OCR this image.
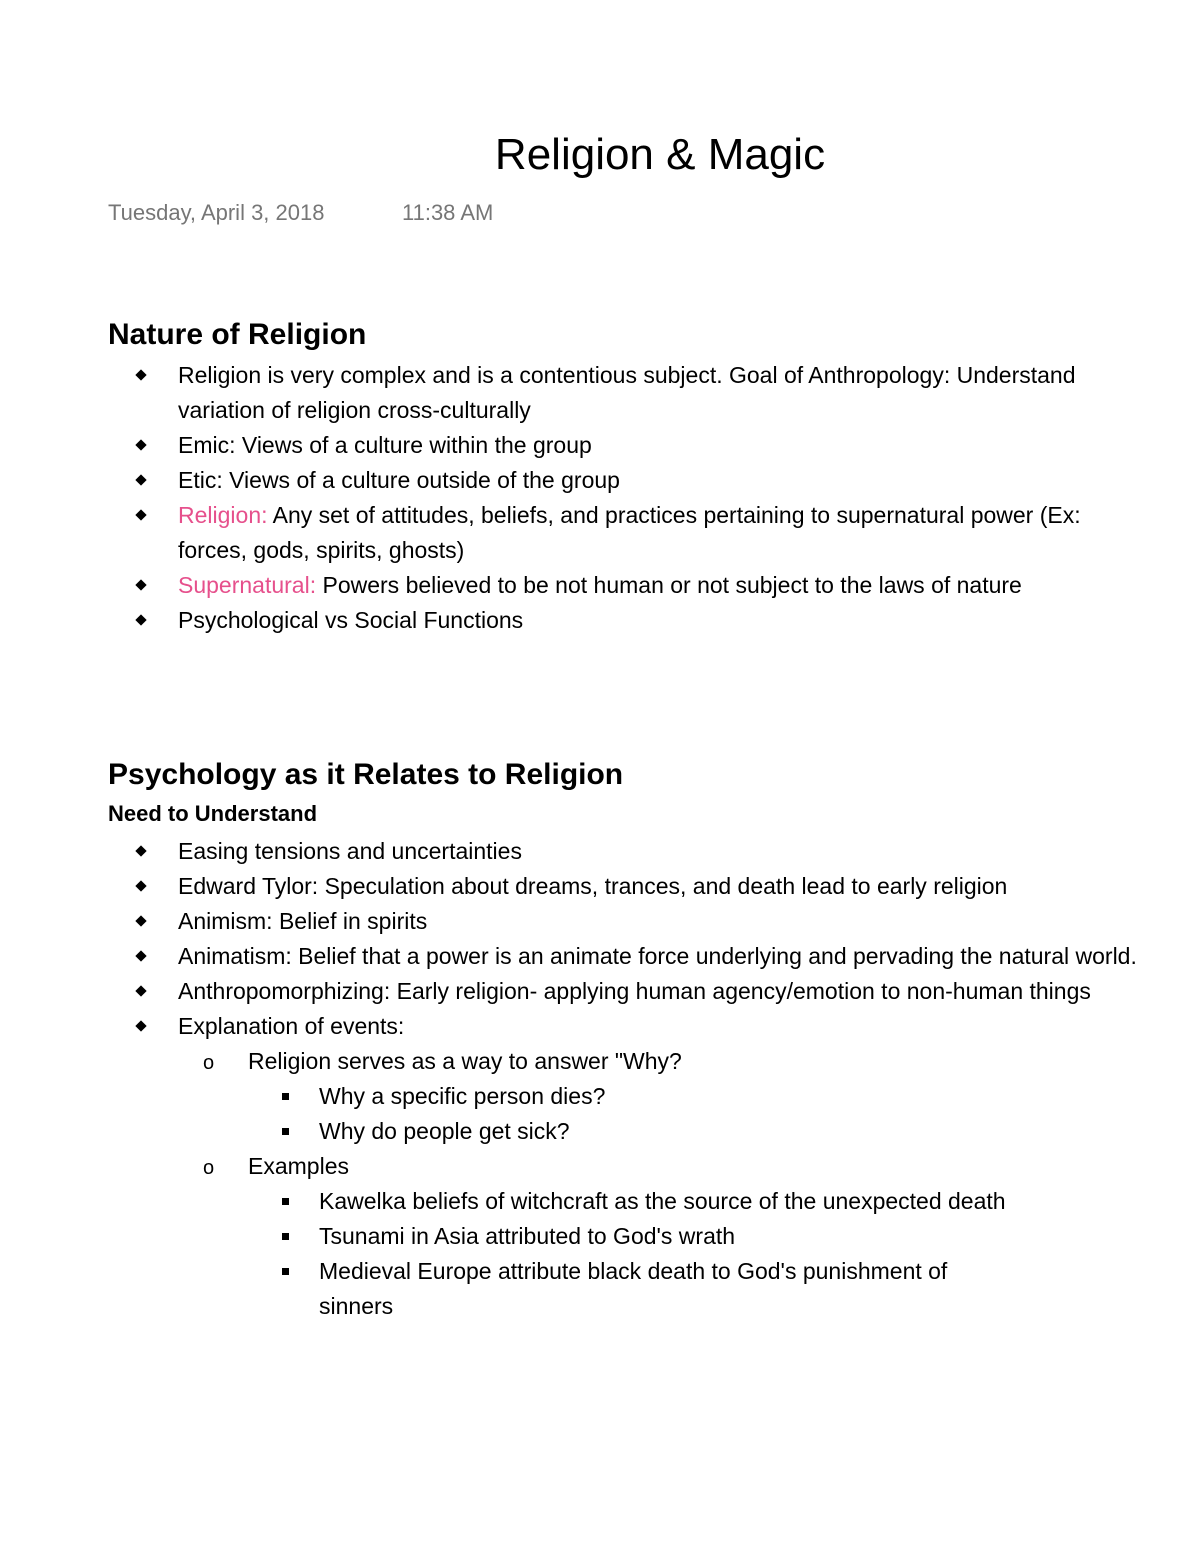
Religion & Magic
Tuesday, April 3, 2018	11:38 AM
Nature of Religion
Religion is very complex and is a contentious subject. Goal of Anthropology: Understand variation of religion cross-culturally
Emic: Views of a culture within the group
Etic: Views of a culture outside of the group
Religion: Any set of attitudes, beliefs, and practices pertaining to supernatural power (Ex: forces, gods, spirits, ghosts)
Supernatural: Powers believed to be not human or not subject to the laws of nature
Psychological vs Social Functions
Psychology as it Relates to Religion
Need to Understand
Easing tensions and uncertainties
Edward Tylor: Speculation about dreams, trances, and death lead to early religion
Animism: Belief in spirits
Animatism: Belief that a power is an animate force underlying and pervading the natural world.
Anthropomorphizing: Early religion- applying human agency/emotion to non-human things
Explanation of events:
o Religion serves as a way to answer "Why?
Why a specific person dies?
Why do people get sick?
o Examples
Kawelka beliefs of witchcraft as the source of the unexpected death
Tsunami in Asia attributed to God's wrath
Medieval Europe attribute black death to God's punishment of sinners
